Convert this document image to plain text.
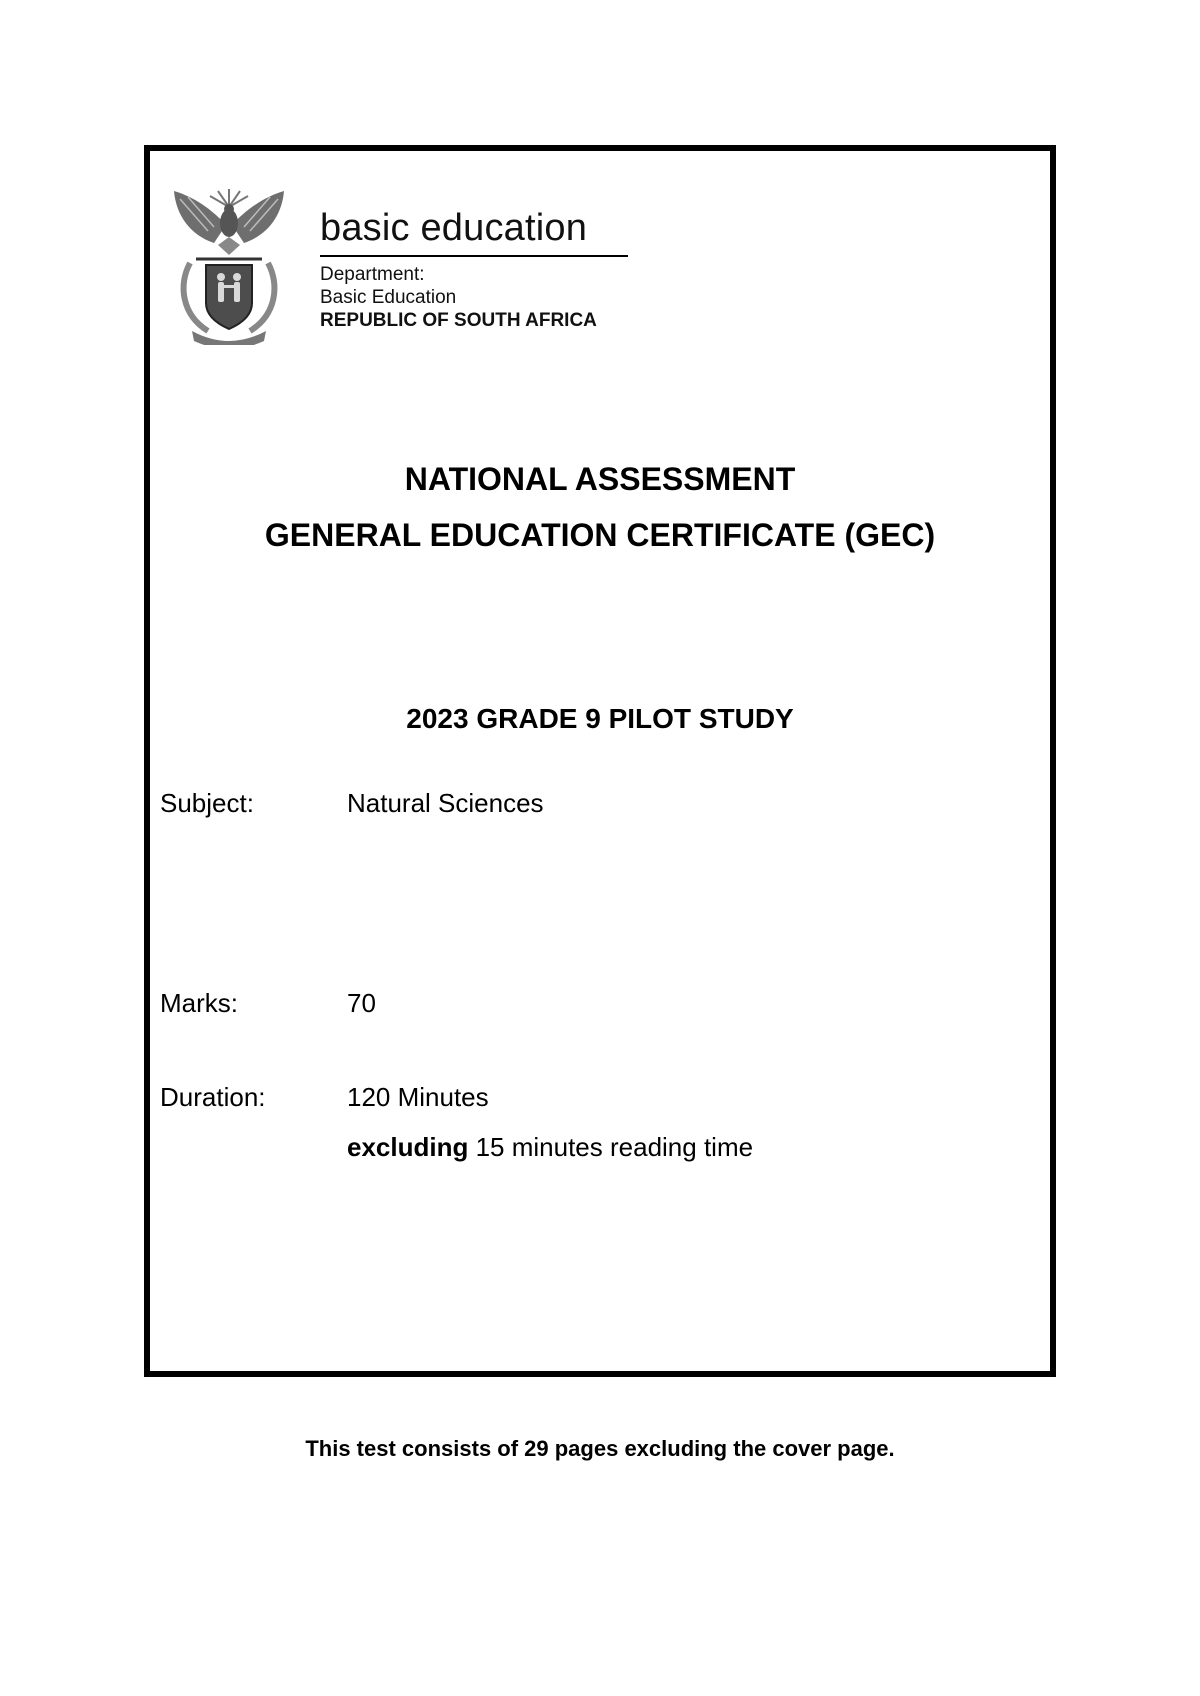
basic education
Department:
Basic Education
REPUBLIC OF SOUTH AFRICA
NATIONAL ASSESSMENT
GENERAL EDUCATION CERTIFICATE (GEC)
2023 GRADE 9 PILOT STUDY
Subject:	Natural Sciences
Marks:	70
Duration:	120 Minutes
excluding 15 minutes reading time
This test consists of 29 pages excluding the cover page.
